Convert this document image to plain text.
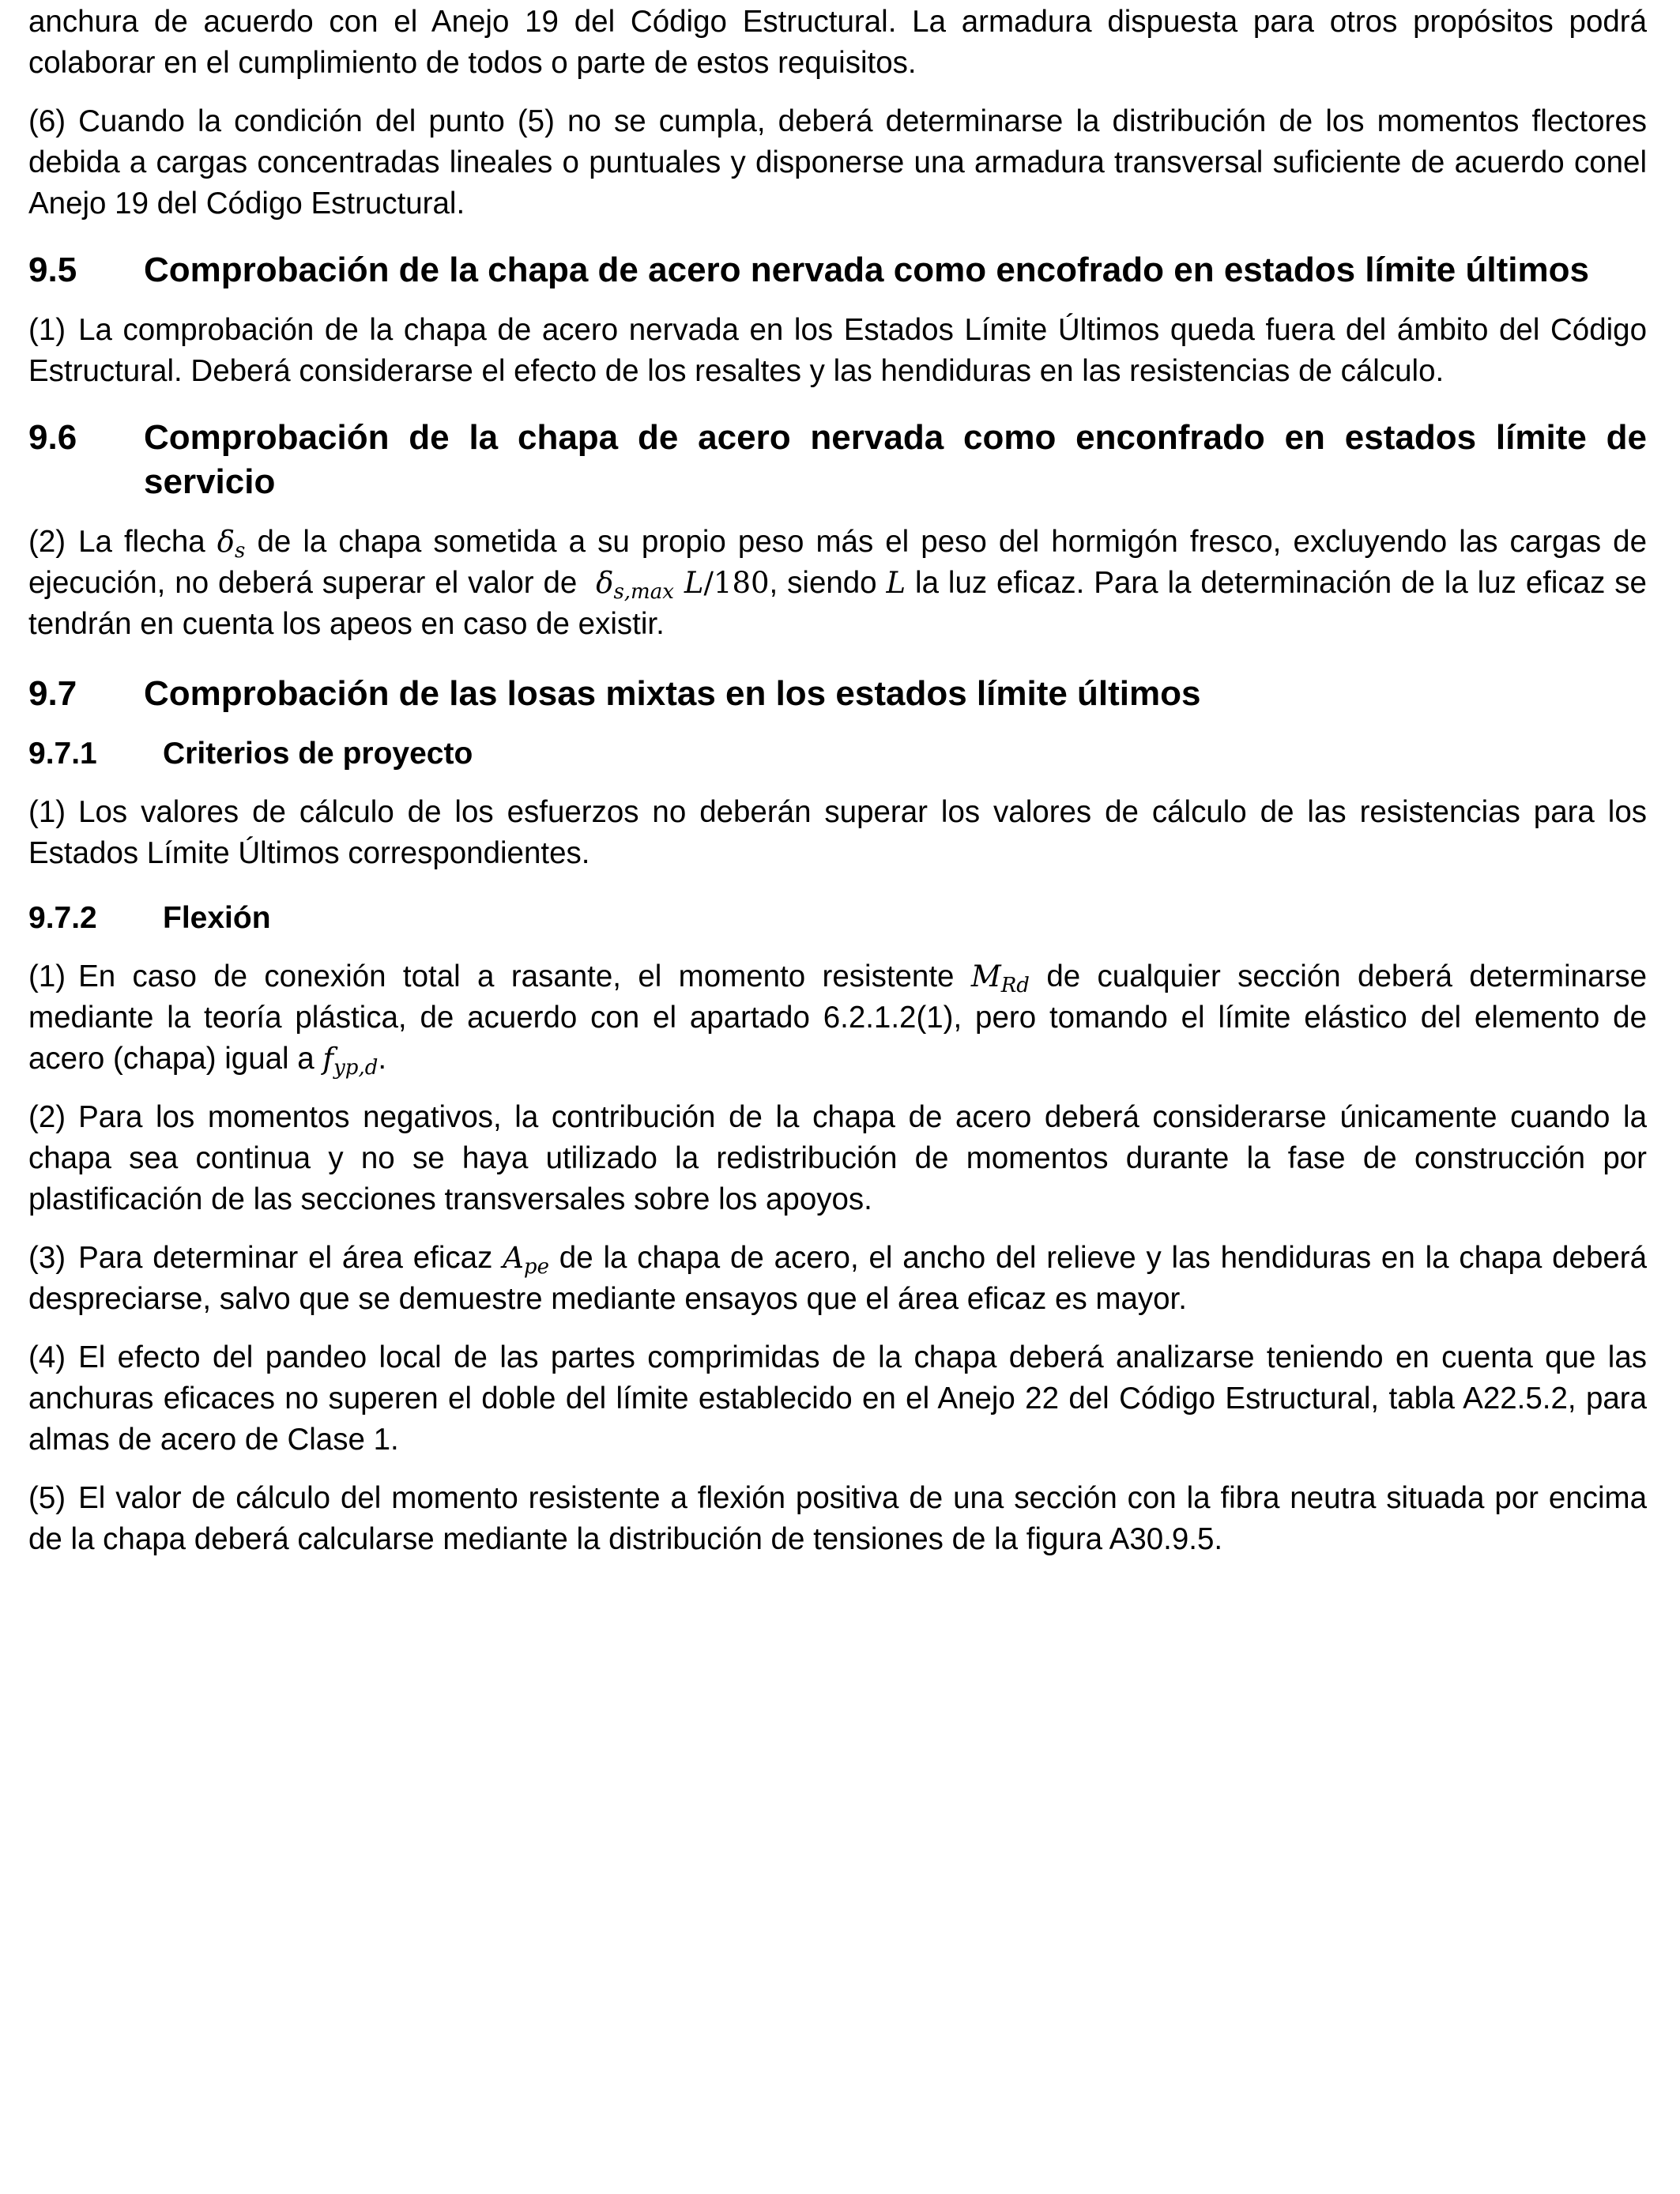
anchura de acuerdo con el Anejo 19 del Código Estructural. La armadura dispuesta para otros propósitos podrá colaborar en el cumplimiento de todos o parte de estos requisitos.

(6) Cuando la condición del punto (5) no se cumpla, deberá determinarse la distribución de los momentos flectores debida a cargas concentradas lineales o puntuales y disponerse una armadura transversal suficiente de acuerdo conel Anejo 19 del Código Estructural.

9.5	Comprobación de la chapa de acero nervada como encofrado en estados límite últimos

(1) La comprobación de la chapa de acero nervada en los Estados Límite Últimos queda fuera del ámbito del Código Estructural. Deberá considerarse el efecto de los resaltes y las hendiduras en las resistencias de cálculo.

9.6	Comprobación de la chapa de acero nervada como enconfrado en estados límite de servicio

(2) La flecha $\delta_s$ de la chapa sometida a su propio peso más el peso del hormigón fresco, excluyendo las cargas de ejecución, no deberá superar el valor de $\delta_{s,max}$ L/180, siendo L la luz eficaz. Para la determinación de la luz eficaz se tendrán en cuenta los apeos en caso de existir.

9.7	Comprobación de las losas mixtas en los estados límite últimos
9.7.1	Criterios de proyecto

(1) Los valores de cálculo de los esfuerzos no deberán superar los valores de cálculo de las resistencias para los Estados Límite Últimos correspondientes.

9.7.2	Flexión

(1) En caso de conexión total a rasante, el momento resistente $M_{Rd}$ de cualquier sección deberá determinarse mediante la teoría plástica, de acuerdo con el apartado 6.2.1.2(1), pero tomando el límite elástico del elemento de acero (chapa) igual a $f_{yp,d}$.

(2) Para los momentos negativos, la contribución de la chapa de acero deberá considerarse únicamente cuando la chapa sea continua y no se haya utilizado la redistribución de momentos durante la fase de construcción por plastificación de las secciones transversales sobre los apoyos.

(3) Para determinar el área eficaz $A_{pe}$ de la chapa de acero, el ancho del relieve y las hendiduras en la chapa deberá despreciarse, salvo que se demuestre mediante ensayos que el área eficaz es mayor.

(4) El efecto del pandeo local de las partes comprimidas de la chapa deberá analizarse teniendo en cuenta que las anchuras eficaces no superen el doble del límite establecido en el Anejo 22 del Código Estructural, tabla A22.5.2, para almas de acero de Clase 1.

(5) El valor de cálculo del momento resistente a flexión positiva de una sección con la fibra neutra situada por encima de la chapa deberá calcularse mediante la distribución de tensiones de la figura A30.9.5.
